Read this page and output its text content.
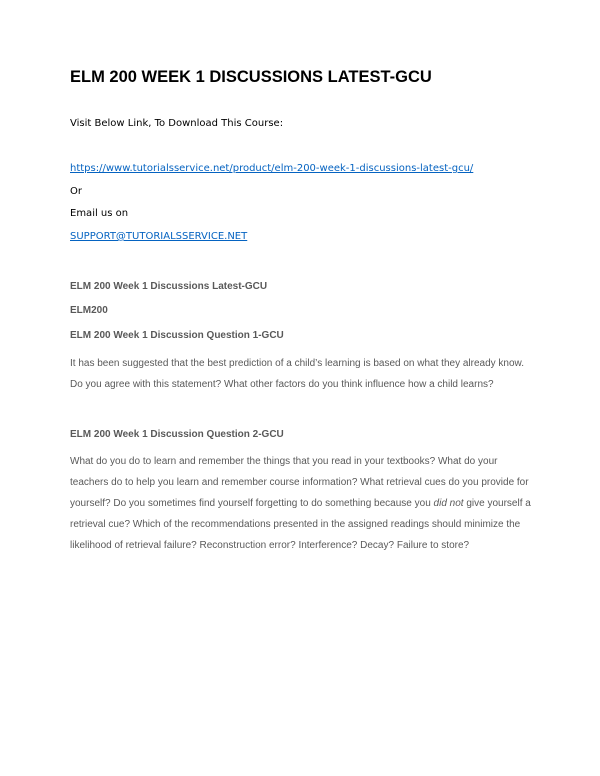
ELM 200 WEEK 1 DISCUSSIONS LATEST-GCU

Visit Below Link, To Download This Course:

https://www.tutorialsservice.net/product/elm-200-week-1-discussions-latest-gcu/

Or

Email us on

SUPPORT@TUTORIALSSERVICE.NET
ELM 200 Week 1 Discussions Latest-GCU
ELM200
ELM 200 Week 1 Discussion Question 1-GCU
It has been suggested that the best prediction of a child’s learning is based on what they already know.
Do you agree with this statement? What other factors do you think influence how a child learns?
ELM 200 Week 1 Discussion Question 2-GCU
What do you do to learn and remember the things that you read in your textbooks? What do your
teachers do to help you learn and remember course information? What retrieval cues do you provide for
yourself? Do you sometimes find yourself forgetting to do something because you did not give yourself a
retrieval cue? Which of the recommendations presented in the assigned readings should minimize the
likelihood of retrieval failure? Reconstruction error? Interference? Decay? Failure to store?
